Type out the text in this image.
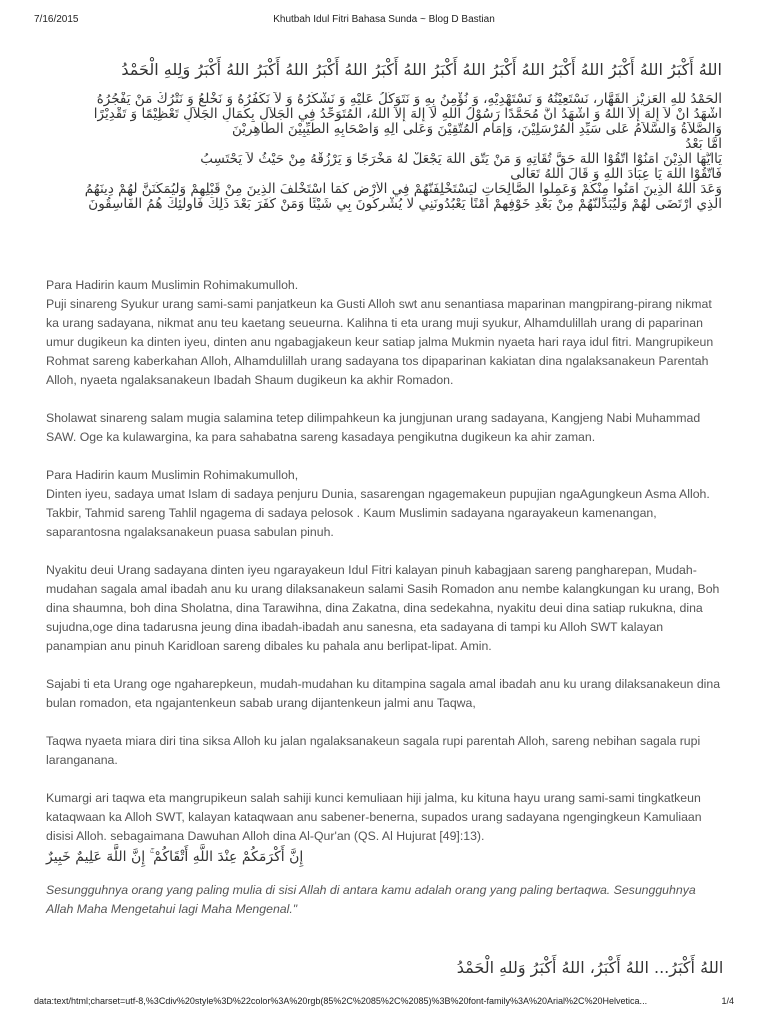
7/16/2015	Khutbah Idul Fitri Bahasa Sunda ~ Blog D Bastian
اللهُ أَكْبَرُ اللهُ أَكْبَرُ اللهُ أَكْبَرُ اللهُ أَكْبَرُ اللهُ أَكْبَرُ اللهُ أَكْبَرُ اللهُ أَكْبَرُ اللهُ أَكْبَرُ اللهُ أَكْبَرُ وَلِلهِ الْحَمْدُ
اَلْحَمْدُ للهِ الْعَزِيْزِ الْقَهَّارِ، نَسْتَعِيْنُهُ وَ نَسْتَهْدِيْهِ، وَ نُؤْمِنُ بِهِ وَ نَتَوَكَّلُ عَلَيْهِ وَ نَشْكُرُهُ وَ لاَ نَكْفُرُهُ وَ نَخْلَعُ وَ نَتْرُكُ مَنْ يَفْجُرُهُ
أَشْهَدُ أَنْ لاَ إِلَهَ إِلاَّ اللهُ وَ أَشْهَدُ أَنَّ مُحَمَّدًا رَسُوْلُ اللهِ لاَ إِلَهَ إِلاَّ اللهُ، الْمُتَوَحِّدُ فِي الْجَلاَلِ بِكَمَالِ الْجَلاَلِ تَعْظِيْمًا وَ تَقْدِيْرًا
وَالصَّلاَةُ وَالسَّلاَمُ عَلَى سَيِّدِ الْمُرْسَلِيْنَ، وَإِمَامِ الْمُتَّقِيْنَ وَعَلَى آلِهِ وَأَصْحَابِهِ الطَّيِّبِيْنَ الطَّاهِرِيْنَ
أَمَّا بَعْدُ
يَاأَيُّهَا الَّذِيْنَ آمَنُوْا اتَّقُوْا اللهَ حَقَّ تُقَاتِهِ وَ مَنْ يَتَّقِ اللهَ يَجْعَلْ لَهُ مَخْرَجًا وَ يَرْزُقْهُ مِنْ حَيْثُ لاَ يَحْتَسِبُ
فَاتَّقُوْا اللهَ يَا عِبَادَ اللهِ وَ قَالَ اللهُ تَعَالَى
وَعَدَ اللَّهُ الَّذِينَ آمَنُوا مِنْكُمْ وَعَمِلُوا الصَّالِحَاتِ لَيَسْتَخْلِفَنَّهُمْ فِي الْأَرْضِ كَمَا اسْتَخْلَفَ الَّذِينَ مِنْ قَبْلِهِمْ وَلَيُمَكِّنَنَّ لَهُمْ دِينَهُمُ
الَّذِي ارْتَضَى لَهُمْ وَلَيُبَدِّلَنَّهُمْ مِنْ بَعْدِ خَوْفِهِمْ أَمْنًا يَعْبُدُونَنِي لَا يُشْرِكُونَ بِي شَيْئًا وَمَنْ كَفَرَ بَعْدَ ذَلِكَ فَأُولَئِكَ هُمُ الْفَاسِقُونَ

Para Hadirin kaum Muslimin Rohimakumulloh.

Puji sinareng Syukur urang sami-sami panjatkeun ka Gusti Alloh swt anu senantiasa maparinan mangpirang-pirang nikmat ka urang sadayana, nikmat anu teu kaetang seueurna. Kalihna ti eta urang muji syukur, Alhamdulillah urang di paparinan umur dugikeun ka dinten iyeu, dinten anu ngabagjakeun keur satiap jalma Mukmin nyaeta hari raya idul fitri. Mangrupikeun Rohmat sareng kaberkahan Alloh, Alhamdulillah urang sadayana tos dipaparinan kakiatan dina ngalaksanakeun Parentah Alloh, nyaeta ngalaksanakeun Ibadah Shaum dugikeun ka akhir Romadon.

Sholawat sinareng salam mugia salamina tetep dilimpahkeun ka jungjunan urang sadayana, Kangjeng Nabi Muhammad SAW. Oge ka kulawargina, ka para sahabatna sareng kasadaya pengikutna dugikeun ka ahir zaman.

Para Hadirin kaum Muslimin Rohimakumulloh,

Dinten iyeu, sadaya umat Islam di sadaya penjuru Dunia, sasarengan ngagemakeun pupujian ngaAgungkeun Asma Alloh. Takbir, Tahmid sareng Tahlil ngagema di sadaya pelosok . Kaum Muslimin sadayana ngarayakeun kamenangan, saparantosna ngalaksanakeun puasa sabulan pinuh.

Nyakitu deui Urang sadayana dinten iyeu ngarayakeun Idul Fitri kalayan pinuh kabagjaan sareng pangharepan, Mudah-mudahan sagala amal ibadah anu ku urang dilaksanakeun salami Sasih Romadon anu nembe kalangkungan ku urang, Boh dina shaumna, boh dina Sholatna, dina Tarawihna, dina Zakatna, dina sedekahna, nyakitu deui dina satiap rukukna, dina sujudna,oge dina tadarusna jeung dina ibadah-ibadah anu sanesna, eta sadayana di tampi ku Alloh SWT kalayan panampian anu pinuh Karidloan sareng dibales ku pahala anu berlipat-lipat. Amin.

Sajabi ti eta Urang oge ngaharepkeun, mudah-mudahan ku ditampina sagala amal ibadah anu ku urang dilaksanakeun dina bulan romadon, eta ngajantenkeun sabab urang dijantenkeun jalmi anu Taqwa,

Taqwa nyaeta miara diri tina siksa Alloh ku jalan ngalaksanakeun sagala rupi parentah Alloh, sareng nebihan sagala rupi laranganana.

Kumargi ari taqwa eta mangrupikeun salah sahiji kunci kemuliaan hiji jalma, ku kituna hayu urang sami-sami tingkatkeun kataqwaan ka Alloh SWT, kalayan kataqwaan anu sabener-benerna, supados urang sadayana ngengingkeun Kamuliaan disisi Alloh. sebagaimana Dawuhan Alloh dina Al-Qur'an (QS. Al Hujurat [49]:13).

إِنَّ أَكْرَمَكُمْ عِنْدَ اللَّهِ أَتْقَاكُمْ ۚ إِنَّ اللَّهَ عَلِيمٌ خَبِيرٌ

Sesungguhnya orang yang paling mulia di sisi Allah di antara kamu adalah orang yang paling bertaqwa. Sesungguhnya Allah Maha Mengetahui lagi Maha Mengenal."

اللهُ أَكْبَرُ... اللهُ أَكْبَرُ، اللهُ أَكْبَرُ وَللهِ الْحَمْدُ
data:text/html;charset=utf-8,%3Cdiv%20style%3D%22color%3A%20rgb(85%2C%2085%2C%2085)%3B%20font-family%3A%20Arial%2C%20Helvetica...	1/4
